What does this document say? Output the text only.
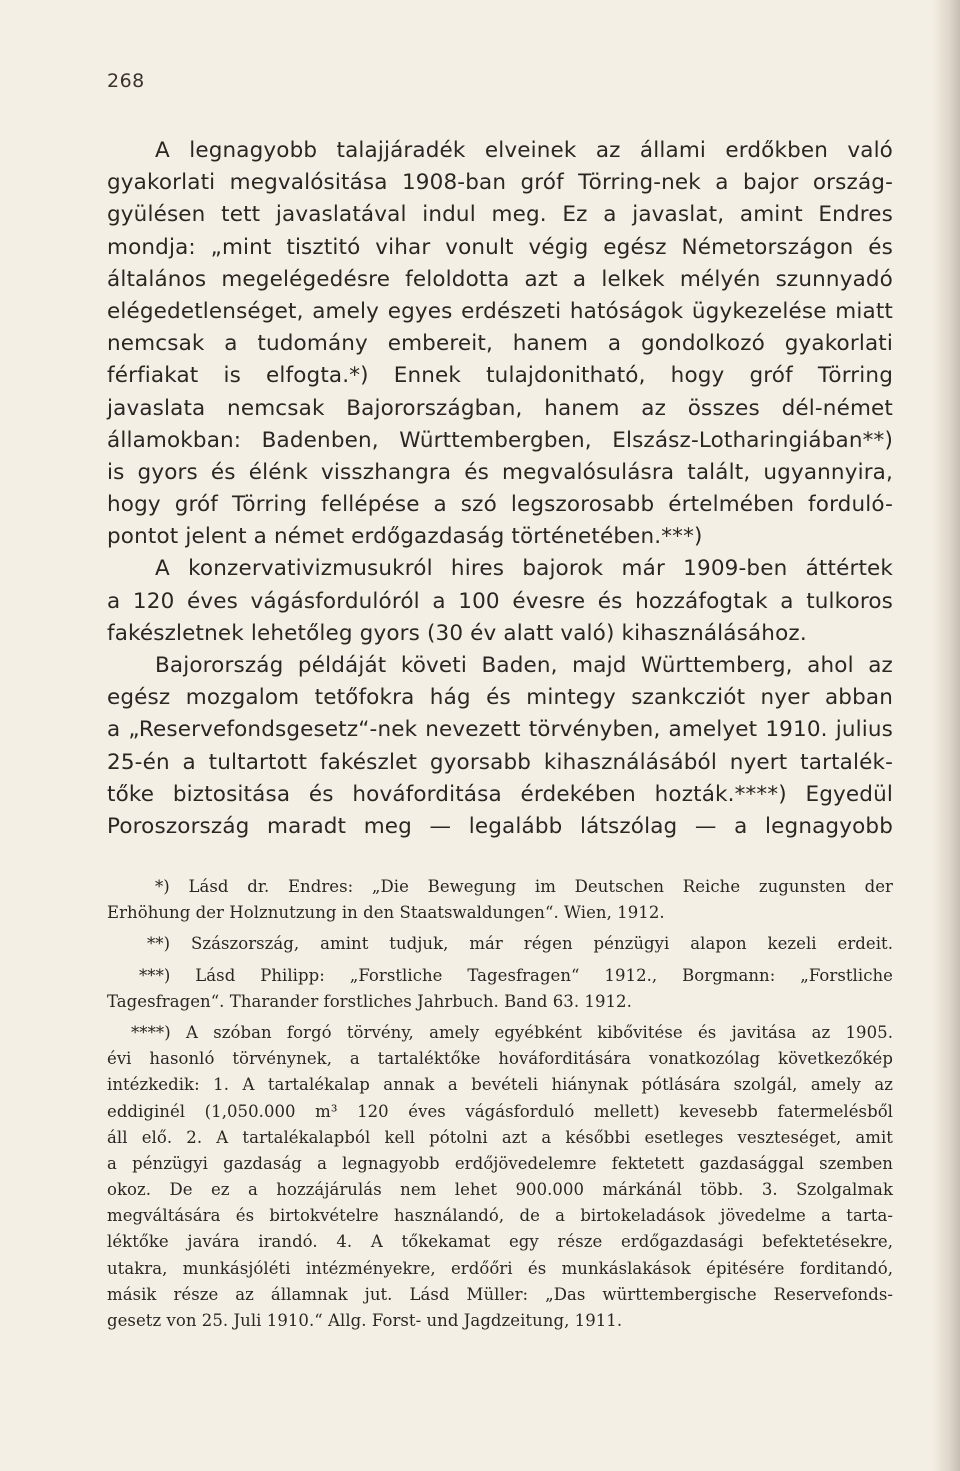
268
A legnagyobb talajjáradék elveinek az állami erdőkben való
gyakorlati megvalósitása 1908-ban gróf Törring-nek a bajor ország-
gyülésen tett javaslatával indul meg. Ez a javaslat, amint Endres
mondja: „mint tisztitó vihar vonult végig egész Németországon és
általános megelégedésre feloldotta azt a lelkek mélyén szunnyadó
elégedetlenséget, amely egyes erdészeti hatóságok ügykezelése miatt
nemcsak a tudomány embereit, hanem a gondolkozó gyakorlati
férfiakat is elfogta.*) Ennek tulajdonitható, hogy gróf Törring
javaslata nemcsak Bajorországban, hanem az összes dél-német
államokban: Badenben, Württembergben, Elszász-Lotharingiában**)
is gyors és élénk visszhangra és megvalósulásra talált, ugyannyira,
hogy gróf Törring fellépése a szó legszorosabb értelmében forduló-
pontot jelent a német erdőgazdaság történetében.***)
A konzervativizmusukról hires bajorok már 1909-ben áttértek
a 120 éves vágásfordulóról a 100 évesre és hozzáfogtak a tulkoros
fakészletnek lehetőleg gyors (30 év alatt való) kihasználásához.
Bajorország példáját követi Baden, majd Württemberg, ahol az
egész mozgalom tetőfokra hág és mintegy szankcziót nyer abban
a „Reservefondsgesetz“-nek nevezett törvényben, amelyet 1910. julius
25-én a tultartott fakészlet gyorsabb kihasználásából nyert tartalék-
tőke biztositása és hováforditása érdekében hozták.****) Egyedül
Poroszország maradt meg — legalább látszólag — a legnagyobb
*) Lásd dr. Endres: „Die Bewegung im Deutschen Reiche zugunsten der
Erhöhung der Holznutzung in den Staatswaldungen“. Wien, 1912.
**) Szászország, amint tudjuk, már régen pénzügyi alapon kezeli erdeit.
***) Lásd Philipp: „Forstliche Tagesfragen“ 1912., Borgmann: „Forstliche
Tagesfragen“. Tharander forstliches Jahrbuch. Band 63. 1912.
****) A szóban forgó törvény, amely egyébként kibővitése és javitása az 1905.
évi hasonló törvénynek, a tartaléktőke hováforditására vonatkozólag következőkép
intézkedik: 1. A tartalékalap annak a bevételi hiánynak pótlására szolgál, amely az
eddiginél (1,050.000 m³ 120 éves vágásforduló mellett) kevesebb fatermelésből
áll elő. 2. A tartalékalapból kell pótolni azt a későbbi esetleges veszteséget, amit
a pénzügyi gazdaság a legnagyobb erdőjövedelemre fektetett gazdasággal szemben
okoz. De ez a hozzájárulás nem lehet 900.000 márkánál több. 3. Szolgalmak
megváltására és birtokvételre használandó, de a birtokeladások jövedelme a tarta-
léktőke javára irandó. 4. A tőkekamat egy része erdőgazdasági befektetésekre,
utakra, munkásjóléti intézményekre, erdőőri és munkáslakások épitésére forditandó,
másik része az államnak jut. Lásd Müller: „Das württembergische Reservefonds-
gesetz von 25. Juli 1910.“ Allg. Forst- und Jagdzeitung, 1911.
